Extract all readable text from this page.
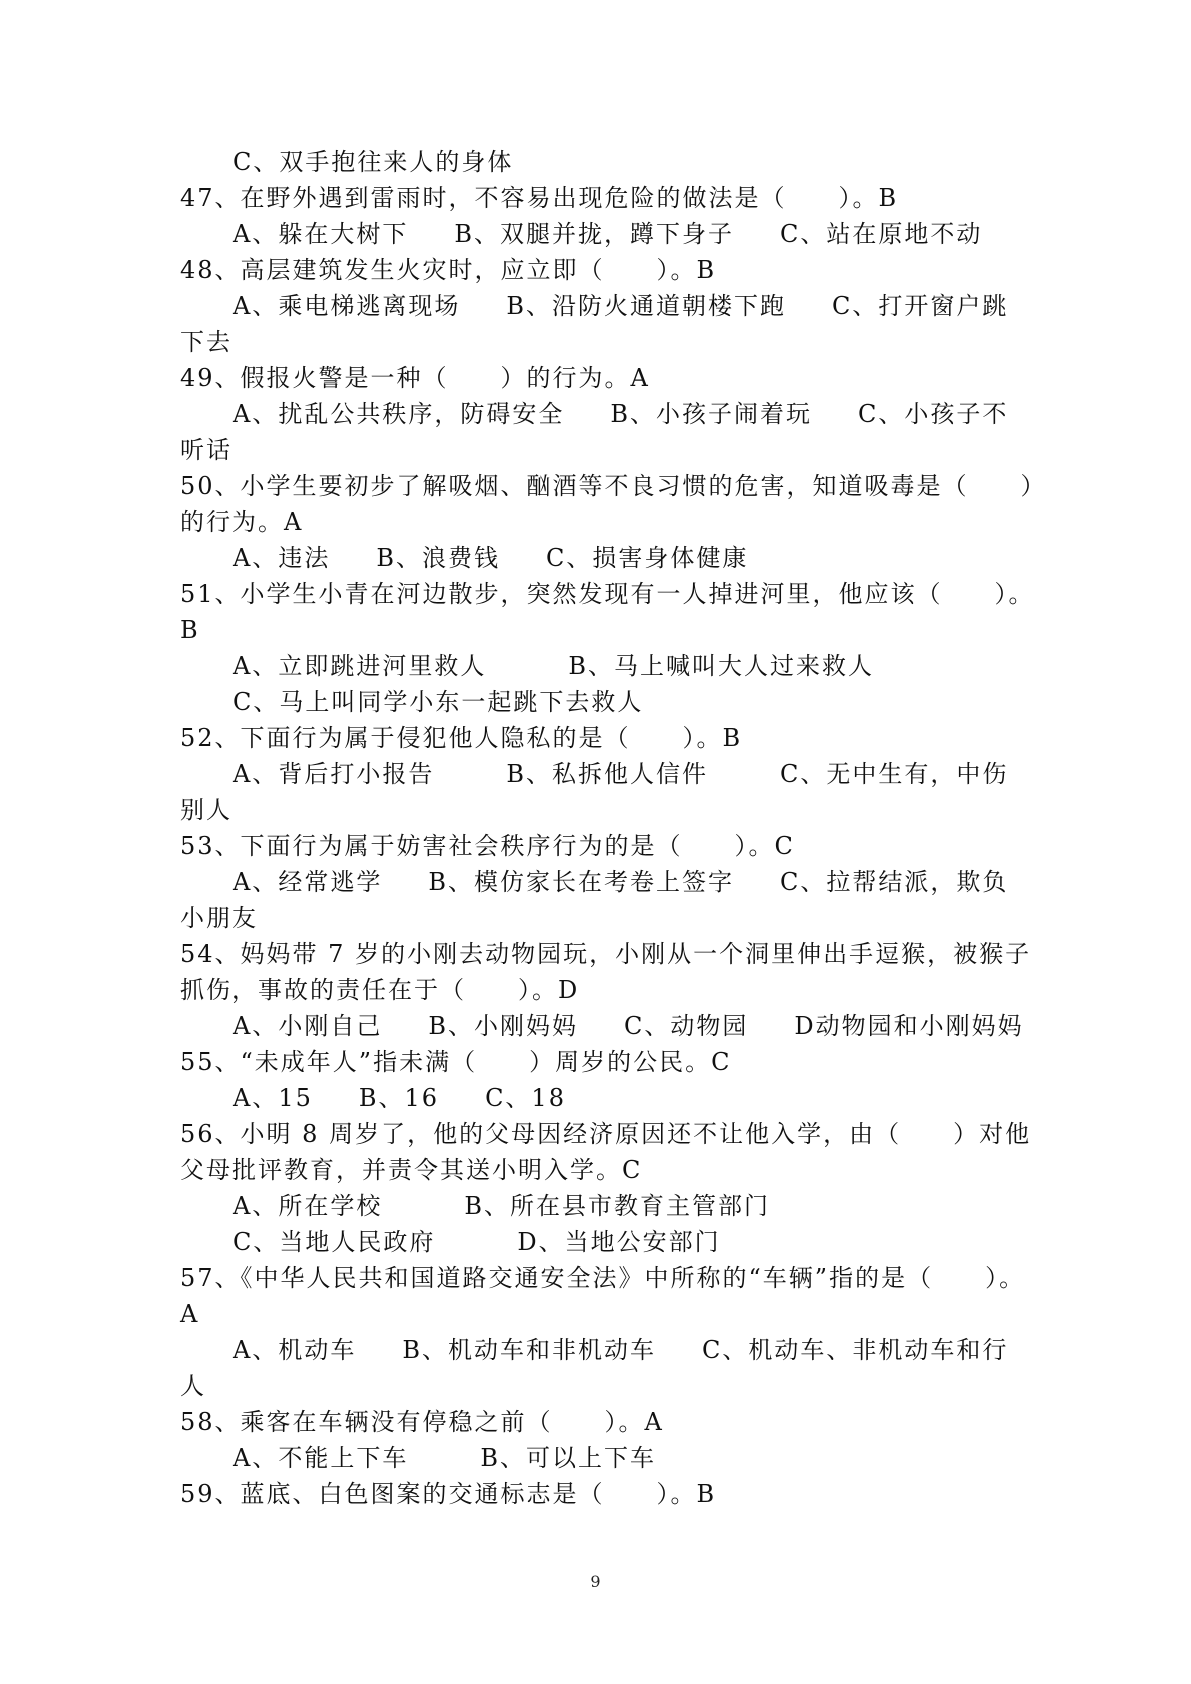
C、双手抱往来人的身体
47、在野外遇到雷雨时，不容易出现危险的做法是（　　）。B
A、躲在大树下 B、双腿并拢，蹲下身子 C、站在原地不动
48、高层建筑发生火灾时，应立即（　　）。B
A、乘电梯逃离现场 B、沿防火通道朝楼下跑 C、打开窗户跳
下去
49、假报火警是一种（　　）的行为。A
A、扰乱公共秩序，防碍安全 B、小孩子闹着玩 C、小孩子不
听话
50、小学生要初步了解吸烟、酗酒等不良习惯的危害，知道吸毒是（　　）
的行为。A
A、违法 B、浪费钱 C、损害身体健康
51、小学生小青在河边散步，突然发现有一人掉进河里，他应该（　　）。
B
A、立即跳进河里救人	B、马上喊叫大人过来救人
C、马上叫同学小东一起跳下去救人
52、下面行为属于侵犯他人隐私的是（　　）。B
A、背后打小报告	B、私拆他人信件	C、无中生有，中伤
别人
53、下面行为属于妨害社会秩序行为的是（　　）。C
A、经常逃学 B、模仿家长在考卷上签字 C、拉帮结派，欺负
小朋友
54、妈妈带 7 岁的小刚去动物园玩，小刚从一个洞里伸出手逗猴，被猴子
抓伤，事故的责任在于（　　）。D
A、小刚自己 B、小刚妈妈 C、动物园 D动物园和小刚妈妈
55、“未成年人”指未满（　　）周岁的公民。C
A、15 B、16 C、18
56、小明 8 周岁了，他的父母因经济原因还不让他入学，由（　　）对他
父母批评教育，并责令其送小明入学。C
A、所在学校	B、所在县市教育主管部门
C、当地人民政府	D、当地公安部门
57、《中华人民共和国道路交通安全法》中所称的“车辆”指的是（　　）。
A
A、机动车 B、机动车和非机动车 C、机动车、非机动车和行
人
58、乘客在车辆没有停稳之前（　　）。A
A、不能上下车	B、可以上下车
59、蓝底、白色图案的交通标志是（　　）。B
9
